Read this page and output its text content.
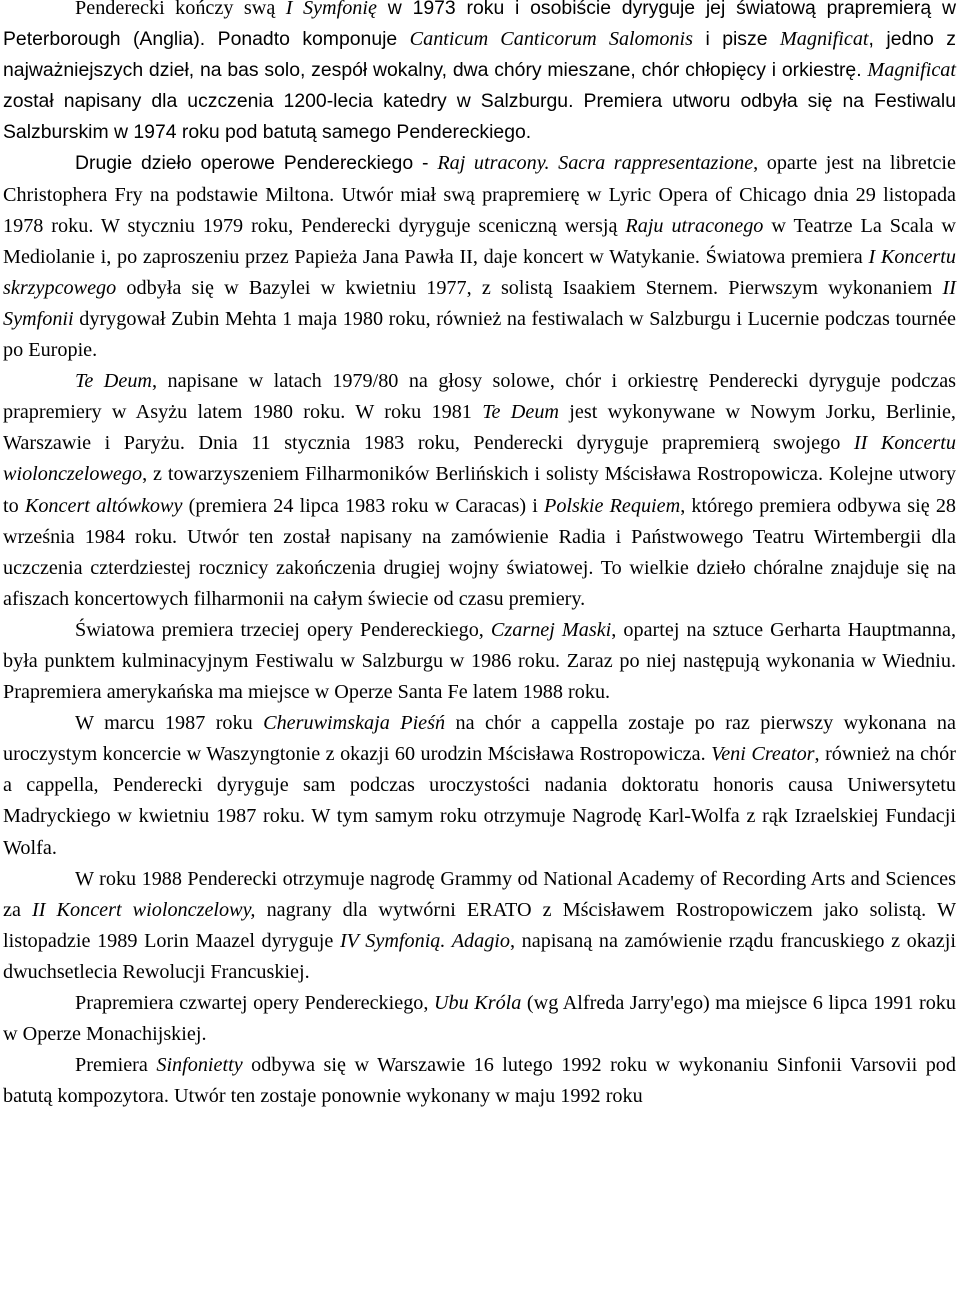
Penderecki kończy swą I Symfonię w 1973 roku i osobiście dyryguje jej światową prapremierą w Peterborough (Anglia). Ponadto komponuje Canticum Canticorum Salomonis i pisze Magnificat, jedno z najważniejszych dzieł, na bas solo, zespół wokalny, dwa chóry mieszane, chór chłopięcy i orkiestrę. Magnificat został napisany dla uczczenia 1200-lecia katedry w Salzburgu. Premiera utworu odbyła się na Festiwalu Salzburskim w 1974 roku pod batutą samego Pendereckiego.

Drugie dzieło operowe Pendereckiego - Raj utracony. Sacra rappresentazione, oparte jest na libretcie Christophera Fry na podstawie Miltona. Utwór miał swą prapremierę w Lyric Opera of Chicago dnia 29 listopada 1978 roku. W styczniu 1979 roku, Penderecki dyryguje sceniczną wersją Raju utraconego w Teatrze La Scala w Mediolanie i, po zaproszeniu przez Papieża Jana Pawła II, daje koncert w Watykanie. Światowa premiera I Koncertu skrzypcowego odbyła się w Bazylei w kwietniu 1977, z solistą Isaakiem Sternem. Pierwszym wykonaniem II Symfonii dyrygował Zubin Mehta 1 maja 1980 roku, również na festiwalach w Salzburgu i Lucernie podczas tournée po Europie.

Te Deum, napisane w latach 1979/80 na głosy solowe, chór i orkiestrę Penderecki dyryguje podczas prapremiery w Asyżu latem 1980 roku. W roku 1981 Te Deum jest wykonywane w Nowym Jorku, Berlinie, Warszawie i Paryżu. Dnia 11 stycznia 1983 roku, Penderecki dyryguje prapremierą swojego II Koncertu wiolonczelowego, z towarzyszeniem Filharmoników Berlińskich i solisty Mścisława Rostropowicza. Kolejne utwory to Koncert altówkowy (premiera 24 lipca 1983 roku w Caracas) i Polskie Requiem, którego premiera odbywa się 28 września 1984 roku. Utwór ten został napisany na zamówienie Radia i Państwowego Teatru Wirtembergii dla uczczenia czterdziestej rocznicy zakończenia drugiej wojny światowej. To wielkie dzieło chóralne znajduje się na afiszach koncertowych filharmonii na całym świecie od czasu premiery.

Światowa premiera trzeciej opery Pendereckiego, Czarnej Maski, opartej na sztuce Gerharta Hauptmanna, była punktem kulminacyjnym Festiwalu w Salzburgu w 1986 roku. Zaraz po niej następują wykonania w Wiedniu. Prapremiera amerykańska ma miejsce w Operze Santa Fe latem 1988 roku.

W marcu 1987 roku Cheruwimskaja Pieśń na chór a cappella zostaje po raz pierwszy wykonana na uroczystym koncercie w Waszyngtonie z okazji 60 urodzin Mścisława Rostropowicza. Veni Creator, również na chór a cappella, Penderecki dyryguje sam podczas uroczystości nadania doktoratu honoris causa Uniwersytetu Madryckiego w kwietniu 1987 roku. W tym samym roku otrzymuje Nagrodę Karl-Wolfa z rąk Izraelskiej Fundacji Wolfa.

W roku 1988 Penderecki otrzymuje nagrodę Grammy od National Academy of Recording Arts and Sciences za II Koncert wiolonczelowy, nagrany dla wytwórni ERATO z Mścisławem Rostropowiczem jako solistą. W listopadzie 1989 Lorin Maazel dyryguje IV Symfonią. Adagio, napisaną na zamówienie rządu francuskiego z okazji dwuchsetlecia Rewolucji Francuskiej.

Prapremiera czwartej opery Pendereckiego, Ubu Króla (wg Alfreda Jarry'ego) ma miejsce 6 lipca 1991 roku w Operze Monachijskiej.

Premiera Sinfonietty odbywa się w Warszawie 16 lutego 1992 roku w wykonaniu Sinfonii Varsovii pod batutą kompozytora. Utwór ten zostaje ponownie wykonany w maju 1992 roku
